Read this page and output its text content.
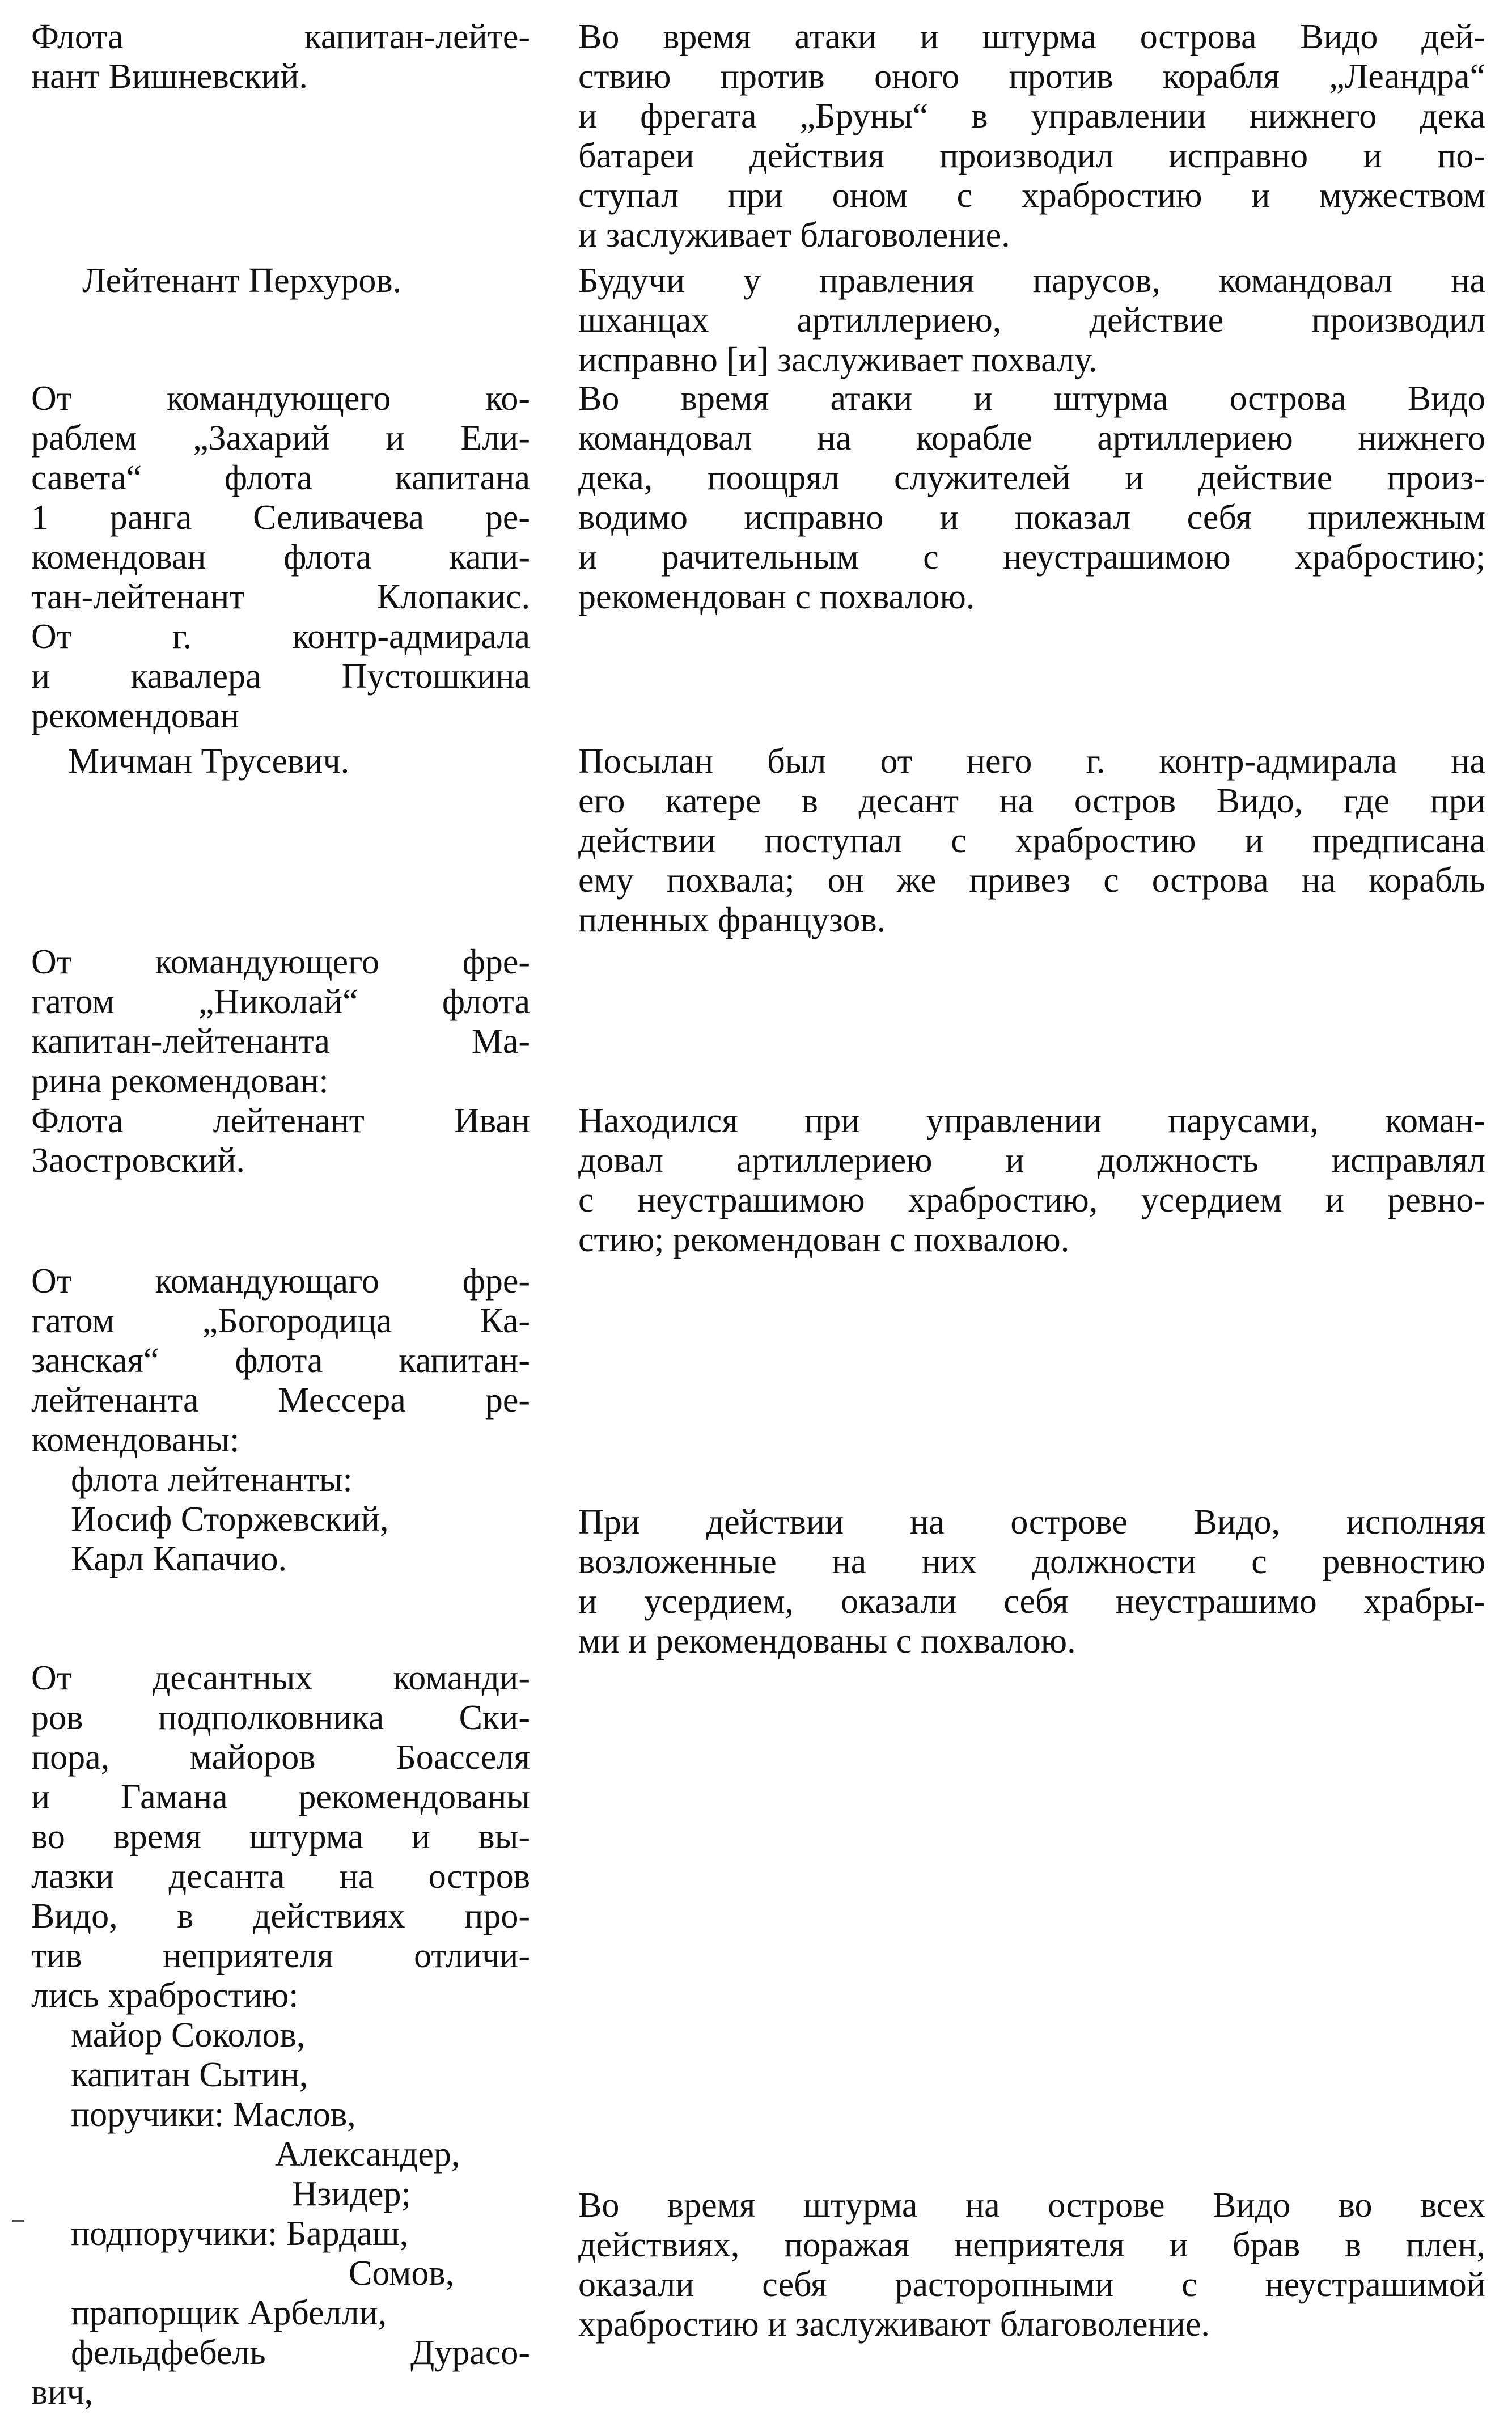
Флота капитан-лейте-
нант Вишневский.
Во время атаки и штурма острова Видо дей-
ствию против оного против корабля „Леандра“
и фрегата „Бруны“ в управлении нижнего дека
батареи действия производил исправно и по-
ступал при оном с храбростию и мужеством
и заслуживает благоволение.
Лейтенант Перхуров.	Будучи у правления парусов, командовал на
шханцах артиллериею, действие производил
исправно [и] заслуживает похвалу.
От командующего ко-
раблем „Захарий и Ели-
савета“ флота капитана
1 ранга Селивачева ре-
комендован флота капи-
тан-лейтенант Клопакис.
От г. контр-адмирала
и кавалера Пустошкина
рекомендован
Во время атаки и штурма острова Видо
командовал на корабле артиллериею нижнего
дека, поощрял служителей и действие произ-
водимо исправно и показал себя прилежным
и рачительным с неустрашимою храбростию;
рекомендован с похвалою.
Мичман Трусевич.	Посылан был от него г. контр-адмирала на
его катере в десант на остров Видо, где при
действии поступал с храбростию и предписана
ему похвала; он же привез с острова на корабль
пленных французов.
От командующего фре-
гатом „Николай“ флота
капитан-лейтенанта Ма-
рина рекомендован:
Флота лейтенант Иван
Заостровский.
Находился при управлении парусами, коман-
довал артиллериею и должность исправлял
с неустрашимою храбростию, усердием и ревно-
стию; рекомендован с похвалою.
От командующаго фре-
гатом „Богородица Ка-
занская“ флота капитан-
лейтенанта Мессера ре-
комендованы:
флота лейтенанты:
Иосиф Сторжевский,
Карл Капачио.
При действии на острове Видо, исполняя
возложенные на них должности с ревностию
и усердием, оказали себя неустрашимо храбры-
ми и рекомендованы с похвалою.
От десантных команди-
ров подполковника Ски-
пора, майоров Боасселя
и Гамана рекомендованы
во время штурма и вы-
лазки десанта на остров
Видо, в действиях про-
тив неприятеля отличи-
лись храбростию:
майор Соколов,
капитан Сытин,
поручики: Маслов,
Александер,
Нзидер;
подпоручики: Бардаш,
Сомов,
прапорщик Арбелли,
фельдфебель Дурасо-
вич,
Во время штурма на острове Видо во всех
действиях, поражая неприятеля и брав в плен,
оказали себя расторопными с неустрашимой
храбростию и заслуживают благоволение.
